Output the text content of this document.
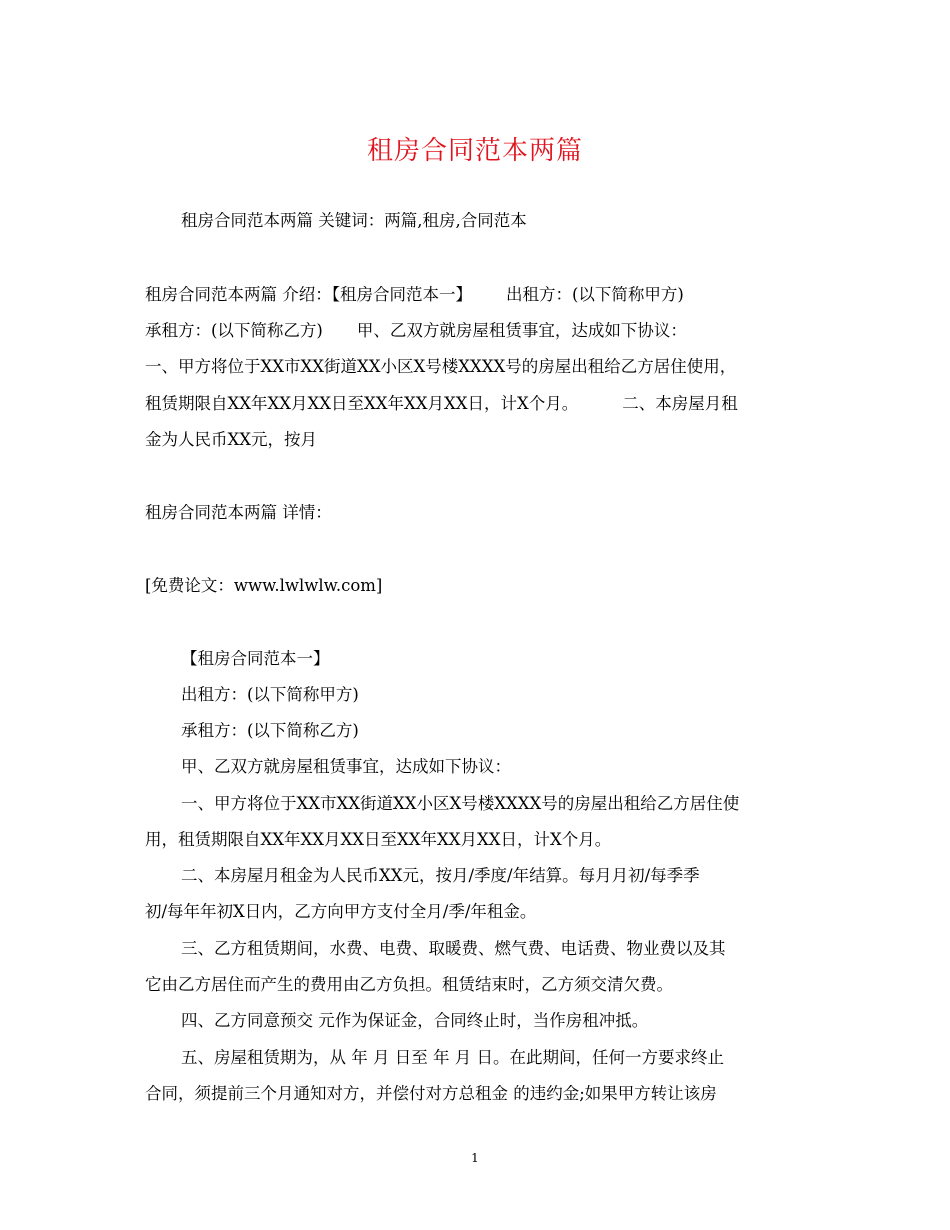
租房合同范本两篇
租房合同范本两篇 关键词：两篇,租房,合同范本
租房合同范本两篇 介绍：【租房合同范本一】 出租方：(以下简称甲方)
承租方：(以下简称乙方) 甲、乙双方就房屋租赁事宜，达成如下协议：
一、甲方将位于XX市XX街道XX小区X号楼XXXX号的房屋出租给乙方居住使用，
租赁期限自XX年XX月XX日至XX年XX月XX日，计X个月。	二、本房屋月租
金为人民币XX元，按月
租房合同范本两篇 详情：
[免费论文：www.lwlwlw.com]
【租房合同范本一】
出租方：(以下简称甲方)
承租方：(以下简称乙方)
甲、乙双方就房屋租赁事宜，达成如下协议：
一、甲方将位于XX市XX街道XX小区X号楼XXXX号的房屋出租给乙方居住使
用，租赁期限自XX年XX月XX日至XX年XX月XX日，计X个月。
二、本房屋月租金为人民币XX元，按月/季度/年结算。每月月初/每季季
初/每年年初X日内，乙方向甲方支付全月/季/年租金。
三、乙方租赁期间，水费、电费、取暖费、燃气费、电话费、物业费以及其
它由乙方居住而产生的费用由乙方负担。租赁结束时，乙方须交清欠费。
四、乙方同意预交 元作为保证金，合同终止时，当作房租冲抵。
五、房屋租赁期为，从 年 月 日至 年 月 日。在此期间，任何一方要求终止
合同，须提前三个月通知对方，并偿付对方总租金 的违约金;如果甲方转让该房
1
